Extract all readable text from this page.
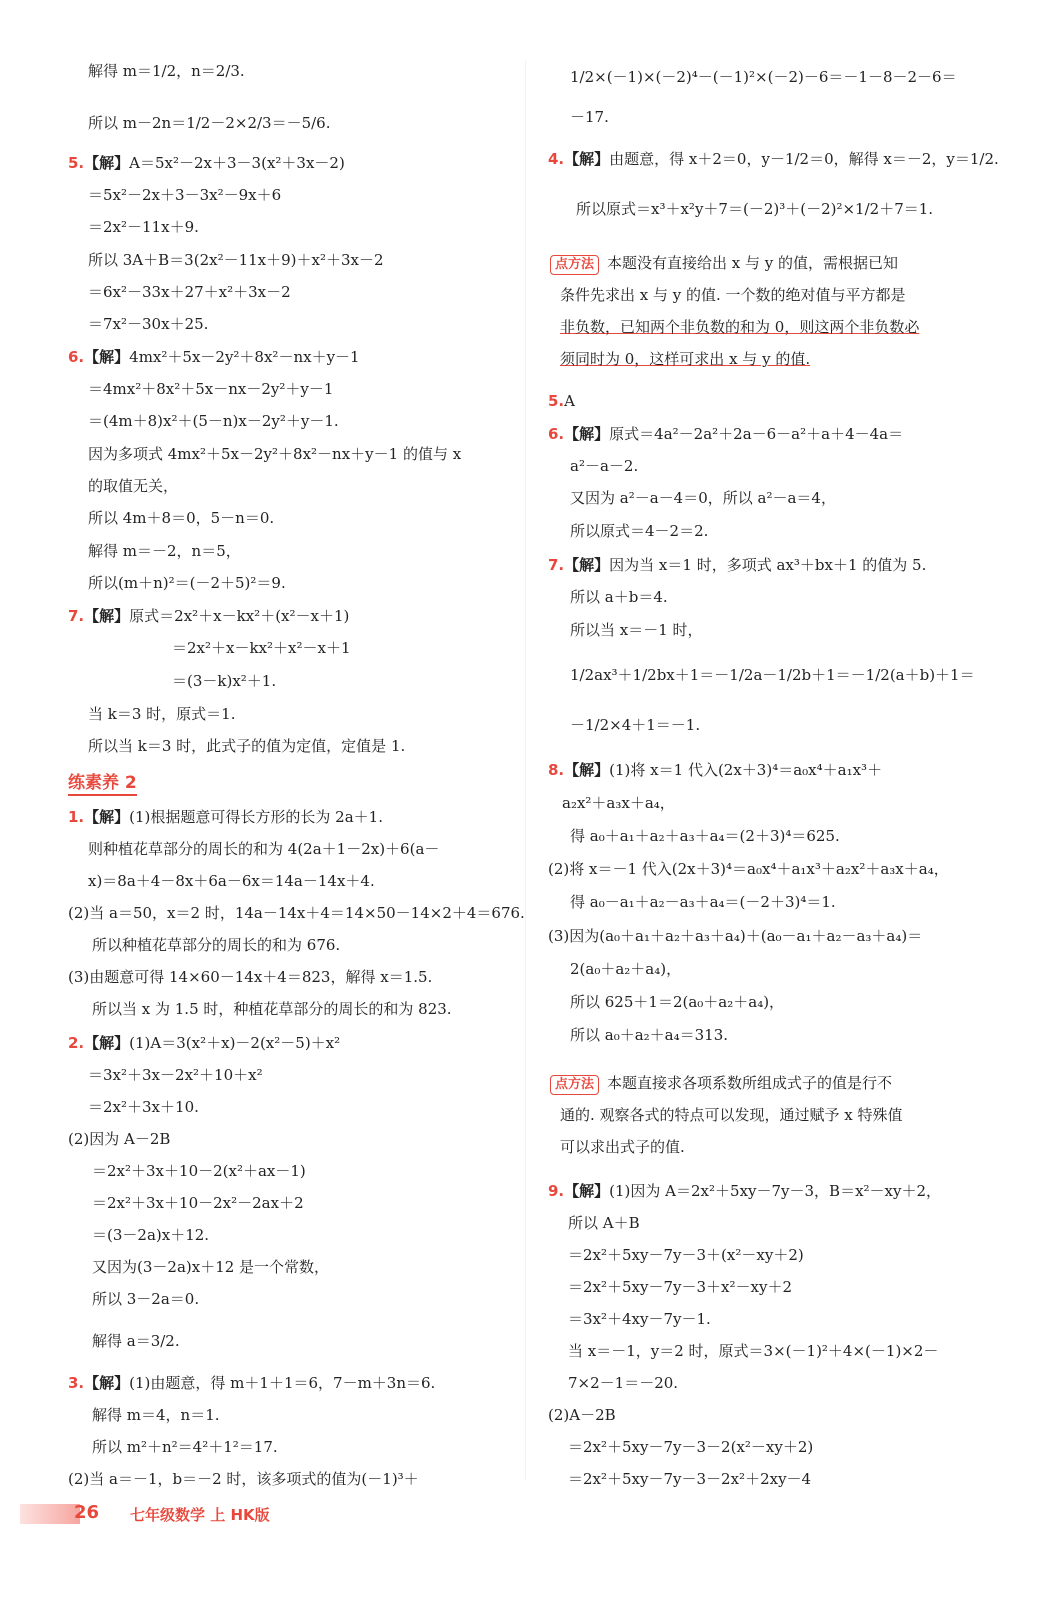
解得 m＝1/2，n＝2/3.
所以 m－2n＝1/2－2×2/3＝－5/6.
5.【解】A＝5x²－2x＋3－3(x²＋3x－2)
＝5x²－2x＋3－3x²－9x＋6
＝2x²－11x＋9.
所以 3A＋B＝3(2x²－11x＋9)＋x²＋3x－2
＝6x²－33x＋27＋x²＋3x－2
＝7x²－30x＋25.
6.【解】4mx²＋5x－2y²＋8x²－nx＋y－1
＝4mx²＋8x²＋5x－nx－2y²＋y－1
＝(4m＋8)x²＋(5－n)x－2y²＋y－1.
因为多项式 4mx²＋5x－2y²＋8x²－nx＋y－1 的值与 x
的取值无关，
所以 4m＋8＝0，5－n＝0.
解得 m＝－2，n＝5，
所以(m＋n)²＝(－2＋5)²＝9.
7.【解】原式＝2x²＋x－kx²＋(x²－x＋1)
＝2x²＋x－kx²＋x²－x＋1
＝(3－k)x²＋1.
当 k＝3 时，原式＝1.
所以当 k＝3 时，此式子的值为定值，定值是 1.
1.【解】(1)根据题意可得长方形的长为 2a＋1.
则种植花草部分的周长的和为 4(2a＋1－2x)＋6(a－
x)＝8a＋4－8x＋6a－6x＝14a－14x＋4.
(2)当 a＝50，x＝2 时，14a－14x＋4＝14×50－14×2＋4＝676.
所以种植花草部分的周长的和为 676.
(3)由题意可得 14×60－14x＋4＝823，解得 x＝1.5.
所以当 x 为 1.5 时，种植花草部分的周长的和为 823.
2.【解】(1)A＝3(x²＋x)－2(x²－5)＋x²
＝3x²＋3x－2x²＋10＋x²
＝2x²＋3x＋10.
(2)因为 A－2B
＝2x²＋3x＋10－2(x²＋ax－1)
＝2x²＋3x＋10－2x²－2ax＋2
＝(3－2a)x＋12.
又因为(3－2a)x＋12 是一个常数，
所以 3－2a＝0.
解得 a＝3/2.
3.【解】(1)由题意，得 m＋1＋1＝6，7－m＋3n＝6.
解得 m＝4，n＝1.
所以 m²＋n²＝4²＋1²＝17.
(2)当 a＝－1，b＝－2 时，该多项式的值为(－1)³＋
练素养 2
1/2×(－1)×(－2)⁴－(－1)²×(－2)－6＝－1－8－2－6＝
－17.
4.【解】由题意，得 x＋2＝0，y－1/2＝0，解得 x＝－2，y＝1/2.
所以原式＝x³＋x²y＋7＝(－2)³＋(－2)²×1/2＋7＝1.
点方法 本题没有直接给出 x 与 y 的值，需根据已知
条件先求出 x 与 y 的值. 一个数的绝对值与平方都是
非负数，已知两个非负数的和为 0，则这两个非负数必
须同时为 0，这样可求出 x 与 y 的值.
5.A
6.【解】原式＝4a²－2a²＋2a－6－a²＋a＋4－4a＝
a²－a－2.
又因为 a²－a－4＝0，所以 a²－a＝4，
所以原式＝4－2＝2.
7.【解】因为当 x＝1 时，多项式 ax³＋bx＋1 的值为 5.
所以 a＋b＝4.
所以当 x＝－1 时，
1/2ax³＋1/2bx＋1＝－1/2a－1/2b＋1＝－1/2(a＋b)＋1＝
－1/2×4＋1＝－1.
8.【解】(1)将 x＝1 代入(2x＋3)⁴＝a₀x⁴＋a₁x³＋
a₂x²＋a₃x＋a₄，
得 a₀＋a₁＋a₂＋a₃＋a₄＝(2＋3)⁴＝625.
(2)将 x＝－1 代入(2x＋3)⁴＝a₀x⁴＋a₁x³＋a₂x²＋a₃x＋a₄，
得 a₀－a₁＋a₂－a₃＋a₄＝(－2＋3)⁴＝1.
(3)因为(a₀＋a₁＋a₂＋a₃＋a₄)＋(a₀－a₁＋a₂－a₃＋a₄)＝
2(a₀＋a₂＋a₄)，
所以 625＋1＝2(a₀＋a₂＋a₄)，
所以 a₀＋a₂＋a₄＝313.
点方法 本题直接求各项系数所组成式子的值是行不
通的. 观察各式的特点可以发现，通过赋予 x 特殊值
可以求出式子的值.
9.【解】(1)因为 A＝2x²＋5xy－7y－3，B＝x²－xy＋2，
所以 A＋B
＝2x²＋5xy－7y－3＋(x²－xy＋2)
＝2x²＋5xy－7y－3＋x²－xy＋2
＝3x²＋4xy－7y－1.
当 x＝－1，y＝2 时，原式＝3×(－1)²＋4×(－1)×2－
7×2－1＝－20.
(2)A－2B
＝2x²＋5xy－7y－3－2(x²－xy＋2)
＝2x²＋5xy－7y－3－2x²＋2xy－4
26 七年级数学 上 HK版
